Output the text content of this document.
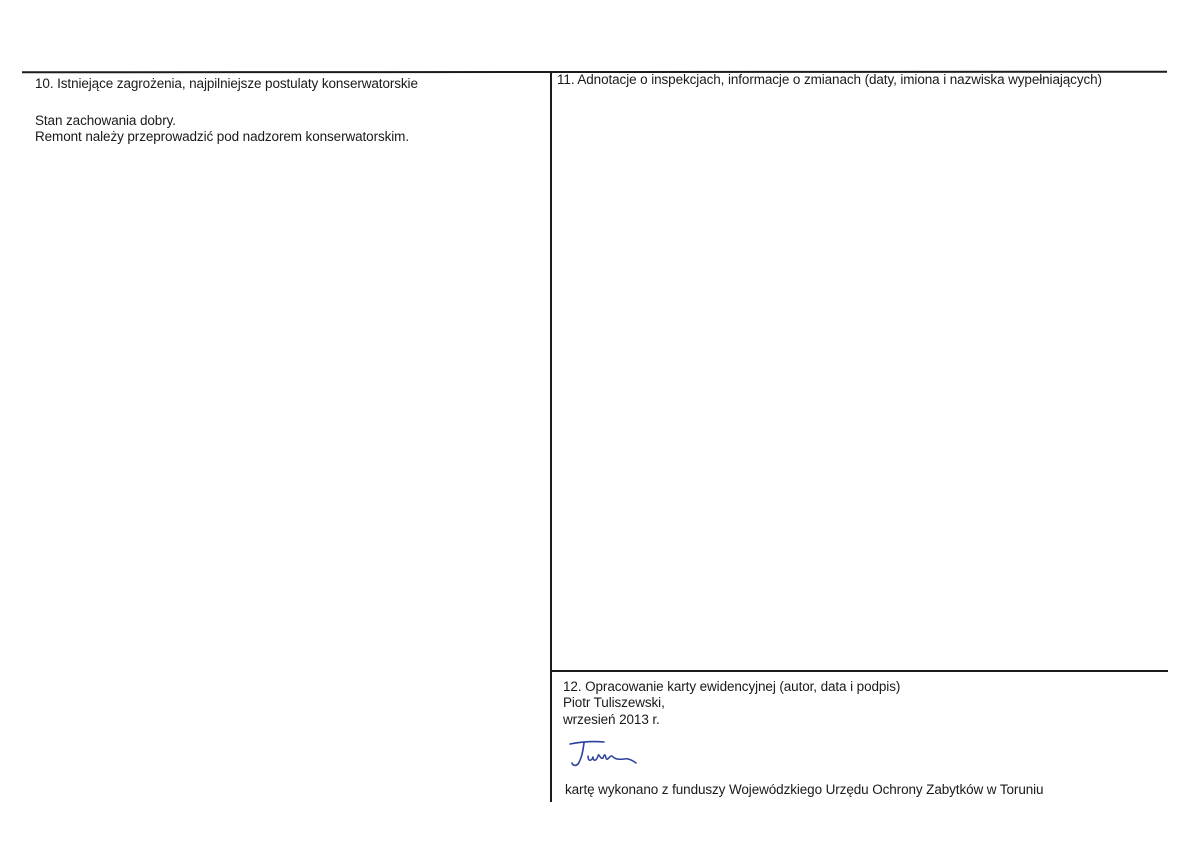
10. Istniejące zagrożenia, najpilniejsze postulaty konserwatorskie
Stan zachowania dobry.
Remont należy przeprowadzić pod nadzorem konserwatorskim.
11. Adnotacje o inspekcjach, informacje o zmianach (daty, imiona i nazwiska wypełniających)
12. Opracowanie karty ewidencyjnej (autor, data i podpis)
Piotr Tuliszewski,
wrzesień 2013 r.
kartę wykonano z funduszy Wojewódzkiego Urzędu Ochrony Zabytków w Toruniu
